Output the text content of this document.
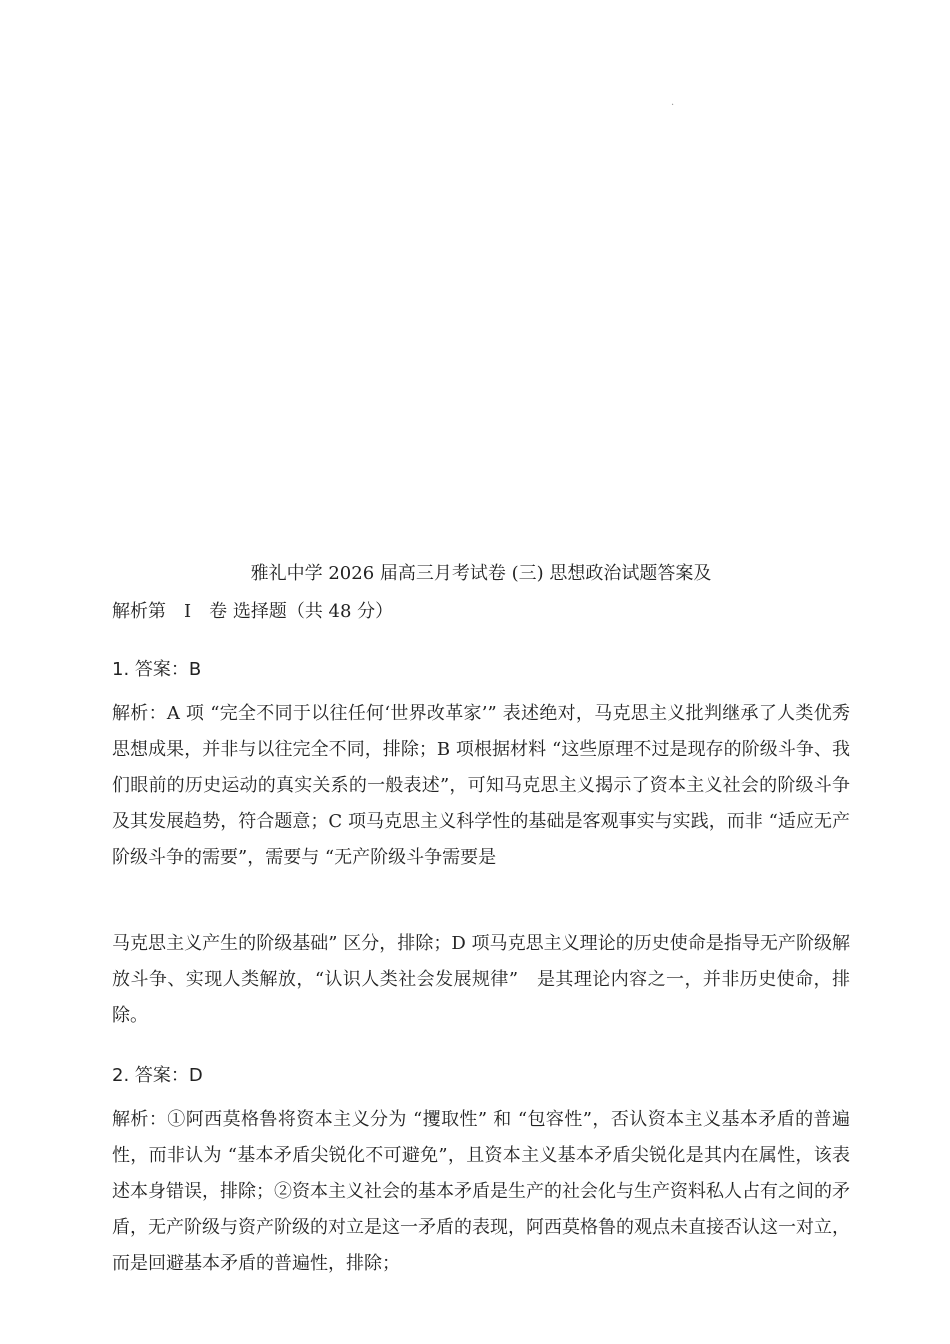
·
雅礼中学 2026 届高三月考试卷 (三) 思想政治试题答案及
解析第　Ⅰ　卷 选择题（共 48 分）
1. 答案：B
解析：A 项 “完全不同于以往任何‘世界改革家’” 表述绝对，马克思主义批判继承了人类优秀思想成果，并非与以往完全不同，排除；B 项根据材料 “这些原理不过是现存的阶级斗争、我们眼前的历史运动的真实关系的一般表述”，可知马克思主义揭示了资本主义社会的阶级斗争及其发展趋势，符合题意；C 项马克思主义科学性的基础是客观事实与实践，而非 “适应无产阶级斗争的需要”，需要与 “无产阶级斗争需要是
马克思主义产生的阶级基础” 区分，排除；D 项马克思主义理论的历史使命是指导无产阶级解放斗争、实现人类解放，“认识人类社会发展规律”　是其理论内容之一，并非历史使命，排除。
2. 答案：D
解析：①阿西莫格鲁将资本主义分为 “攫取性” 和 “包容性”，否认资本主义基本矛盾的普遍性，而非认为 “基本矛盾尖锐化不可避免”，且资本主义基本矛盾尖锐化是其内在属性，该表述本身错误，排除；②资本主义社会的基本矛盾是生产的社会化与生产资料私人占有之间的矛盾，无产阶级与资产阶级的对立是这一矛盾的表现，阿西莫格鲁的观点未直接否认这一对立，而是回避基本矛盾的普遍性，排除；
